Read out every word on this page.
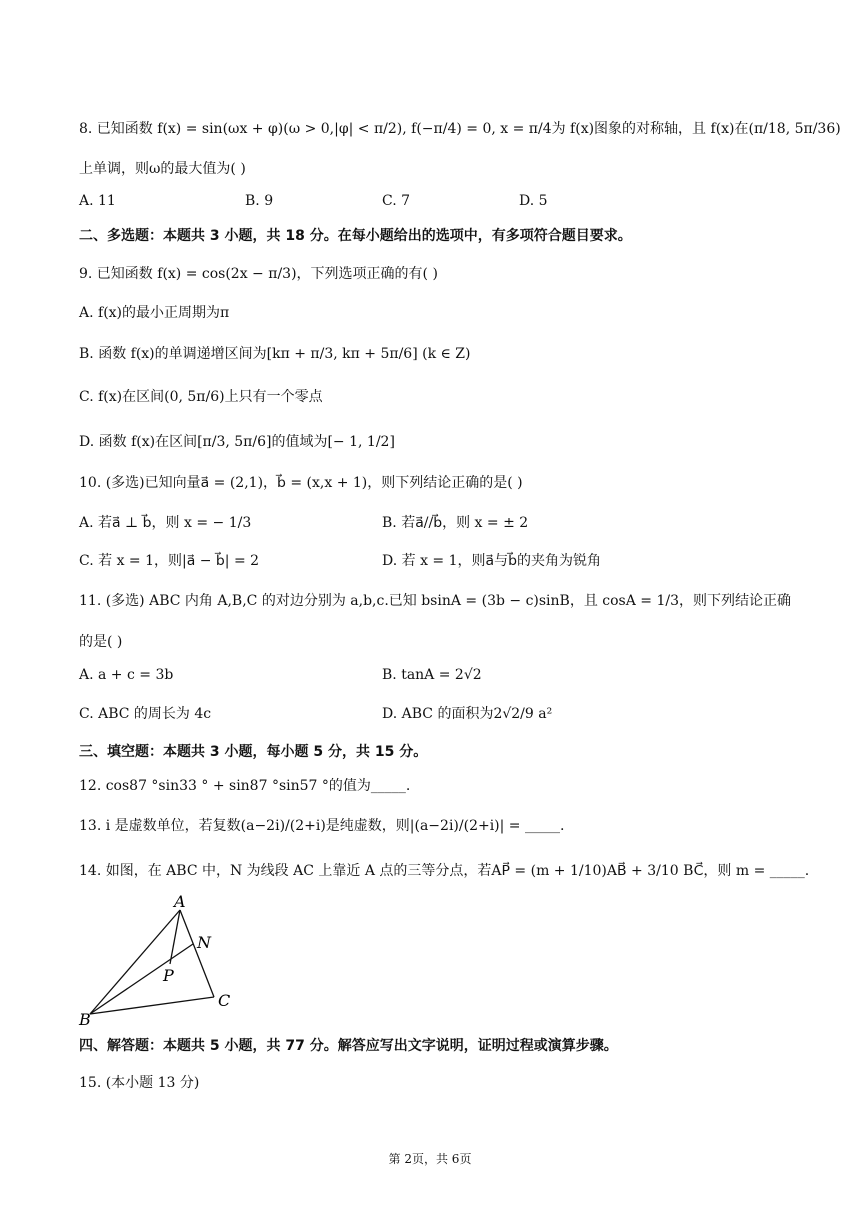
8. 已知函数 f(x) = sin(ωx + φ)(ω > 0,|φ| < π/2), f(−π/4) = 0, x = π/4为 f(x)图象的对称轴，且 f(x)在(π/18, 5π/36)
上单调，则ω的最大值为( )
A. 11	B. 9	C. 7	D. 5
二、多选题：本题共 3 小题，共 18 分。在每小题给出的选项中，有多项符合题目要求。
9. 已知函数 f(x) = cos(2x − π/3)，下列选项正确的有( )
A. f(x)的最小正周期为π
B. 函数 f(x)的单调递增区间为[kπ + π/3, kπ + 5π/6] (k ∈ Z)
C. f(x)在区间(0, 5π/6)上只有一个零点
D. 函数 f(x)在区间[π/3, 5π/6]的值域为[− 1, 1/2]
10. (多选)已知向量a⃗ = (2,1)，b⃗ = (x,x + 1)，则下列结论正确的是( )
A. 若a⃗ ⊥ b⃗，则 x = − 1/3	B. 若a⃗//b⃗，则 x = ± 2
C. 若 x = 1，则|a⃗ − b⃗| = 2	D. 若 x = 1，则a⃗与b⃗的夹角为锐角
11. (多选) ABC 内角 A,B,C 的对边分别为 a,b,c.已知 bsinA = (3b − c)sinB，且 cosA = 1/3，则下列结论正确
的是( )
A. a + c = 3b	B. tanA = 2√2
C. ABC 的周长为 4c	D. ABC 的面积为2√2/9 a²
三、填空题：本题共 3 小题，每小题 5 分，共 15 分。
12. cos87 °sin33 ° + sin87 °sin57 °的值为_____.
13. i 是虚数单位，若复数(a−2i)/(2+i)是纯虚数，则|(a−2i)/(2+i)| = _____.
14. 如图，在 ABC 中，N 为线段 AC 上靠近 A 点的三等分点，若AP⃗ = (m + 1/10)AB⃗ + 3/10 BC⃗，则 m = _____.
A
N
P
B
C
四、解答题：本题共 5 小题，共 77 分。解答应写出文字说明，证明过程或演算步骤。
15. (本小题 13 分)
第 2页，共 6页
